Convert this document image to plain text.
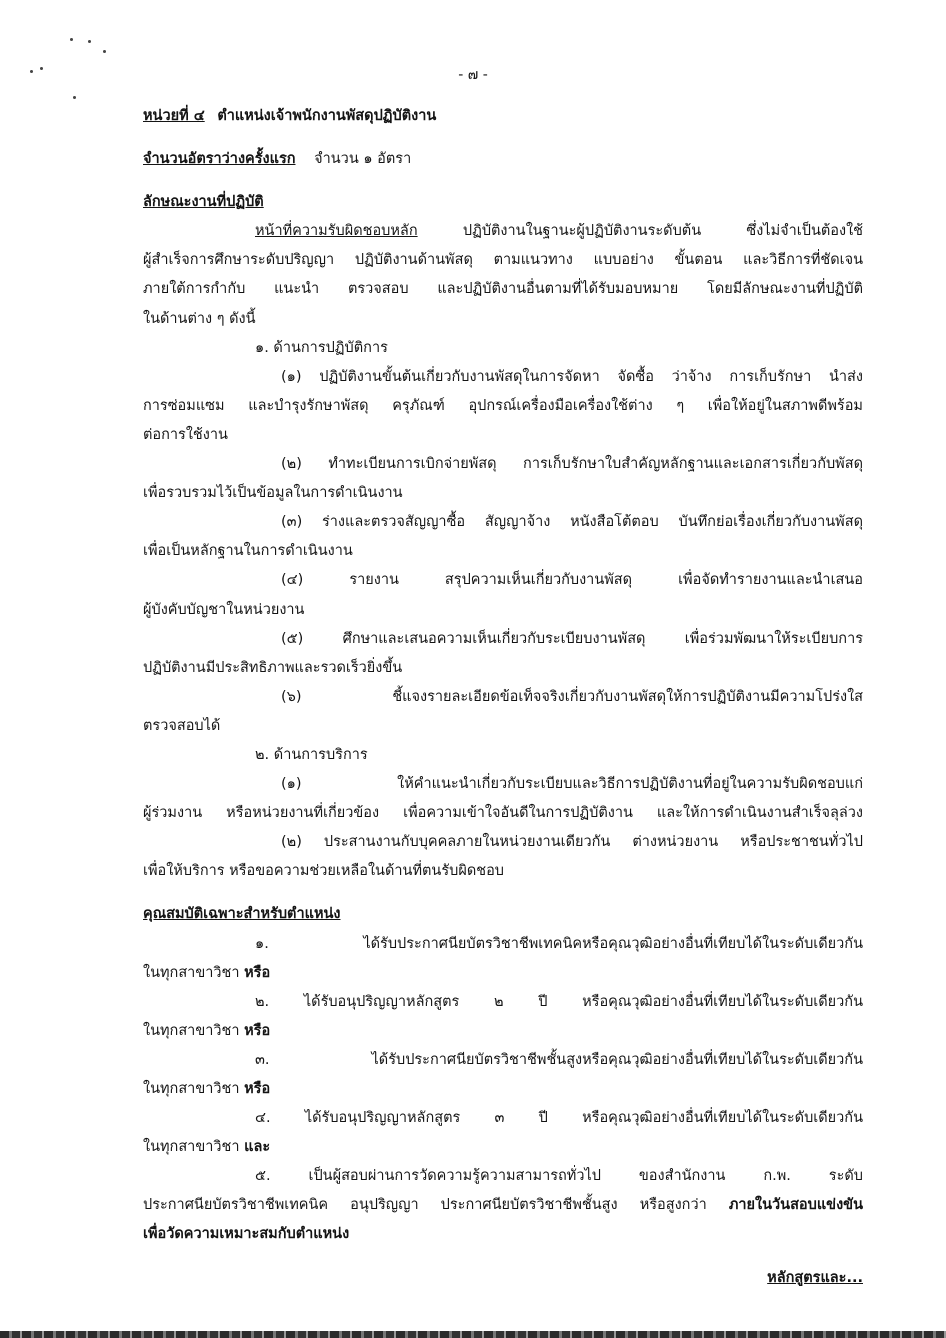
- ๗ -
หน่วยที่ ๔ ตำแหน่งเจ้าพนักงานพัสดุปฏิบัติงาน
จำนวนอัตราว่างครั้งแรก จำนวน ๑ อัตรา
ลักษณะงานที่ปฏิบัติ
หน้าที่ความรับผิดชอบหลัก	ปฏิบัติงานในฐานะผู้ปฏิบัติงานระดับต้น ซึ่งไม่จำเป็นต้องใช้
ผู้สำเร็จการศึกษาระดับปริญญา ปฏิบัติงานด้านพัสดุ ตามแนวทาง แบบอย่าง ขั้นตอน และวิธีการที่ชัดเจน
ภายใต้การกำกับ แนะนำ ตรวจสอบ และปฏิบัติงานอื่นตามที่ได้รับมอบหมาย โดยมีลักษณะงานที่ปฏิบัติ
ในด้านต่าง ๆ ดังนี้
๑. ด้านการปฏิบัติการ
(๑) ปฏิบัติงานขั้นต้นเกี่ยวกับงานพัสดุในการจัดหา จัดซื้อ ว่าจ้าง การเก็บรักษา นำส่ง
การซ่อมแซม และบำรุงรักษาพัสดุ ครุภัณฑ์ อุปกรณ์เครื่องมือเครื่องใช้ต่าง ๆ เพื่อให้อยู่ในสภาพดีพร้อม
ต่อการใช้งาน
(๒) ทำทะเบียนการเบิกจ่ายพัสดุ การเก็บรักษาใบสำคัญหลักฐานและเอกสารเกี่ยวกับพัสดุ
เพื่อรวบรวมไว้เป็นข้อมูลในการดำเนินงาน
(๓) ร่างและตรวจสัญญาซื้อ สัญญาจ้าง หนังสือโต้ตอบ บันทึกย่อเรื่องเกี่ยวกับงานพัสดุ
เพื่อเป็นหลักฐานในการดำเนินงาน
(๔) รายงาน สรุปความเห็นเกี่ยวกับงานพัสดุ เพื่อจัดทำรายงานและนำเสนอ
ผู้บังคับบัญชาในหน่วยงาน
(๕) ศึกษาและเสนอความเห็นเกี่ยวกับระเบียบงานพัสดุ เพื่อร่วมพัฒนาให้ระเบียบการ
ปฏิบัติงานมีประสิทธิภาพและรวดเร็วยิ่งขึ้น
(๖) ชี้แจงรายละเอียดข้อเท็จจริงเกี่ยวกับงานพัสดุให้การปฏิบัติงานมีความโปร่งใส
ตรวจสอบได้
๒. ด้านการบริการ
(๑) ให้คำแนะนำเกี่ยวกับระเบียบและวิธีการปฏิบัติงานที่อยู่ในความรับผิดชอบแก่
ผู้ร่วมงาน หรือหน่วยงานที่เกี่ยวข้อง เพื่อความเข้าใจอันดีในการปฏิบัติงาน และให้การดำเนินงานสำเร็จลุล่วง
(๒) ประสานงานกับบุคคลภายในหน่วยงานเดียวกัน ต่างหน่วยงาน หรือประชาชนทั่วไป
เพื่อให้บริการ หรือขอความช่วยเหลือในด้านที่ตนรับผิดชอบ
คุณสมบัติเฉพาะสำหรับตำแหน่ง
๑. ได้รับประกาศนียบัตรวิชาชีพเทคนิคหรือคุณวุฒิอย่างอื่นที่เทียบได้ในระดับเดียวกัน
ในทุกสาขาวิชา หรือ
๒. ได้รับอนุปริญญาหลักสูตร ๒ ปี หรือคุณวุฒิอย่างอื่นที่เทียบได้ในระดับเดียวกัน
ในทุกสาขาวิชา หรือ
๓. ได้รับประกาศนียบัตรวิชาชีพชั้นสูงหรือคุณวุฒิอย่างอื่นที่เทียบได้ในระดับเดียวกัน
ในทุกสาขาวิชา หรือ
๔. ได้รับอนุปริญญาหลักสูตร ๓ ปี หรือคุณวุฒิอย่างอื่นที่เทียบได้ในระดับเดียวกัน
ในทุกสาขาวิชา และ
๕. เป็นผู้สอบผ่านการวัดความรู้ความสามารถทั่วไป ของสำนักงาน ก.พ. ระดับ
ประกาศนียบัตรวิชาชีพเทคนิค อนุปริญญา ประกาศนียบัตรวิชาชีพชั้นสูง หรือสูงกว่า ภายในวันสอบแข่งขัน
เพื่อวัดความเหมาะสมกับตำแหน่ง
หลักสูตรและ...
